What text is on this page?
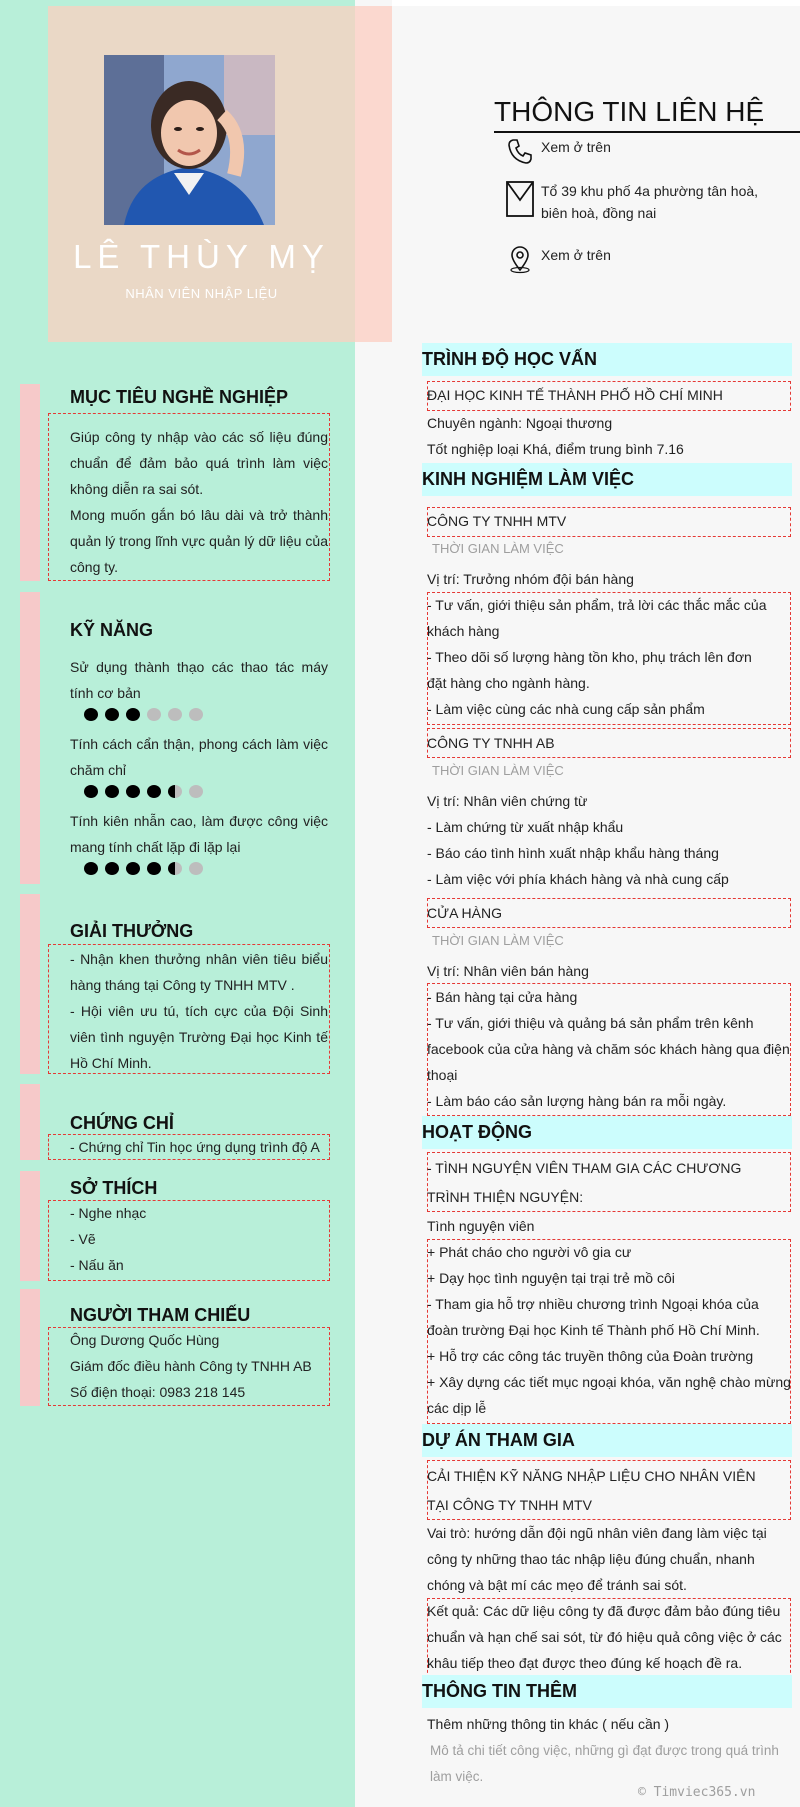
LÊ THÙY MỴ
NHÂN VIÊN NHẬP LIỆU
THÔNG TIN LIÊN HỆ
Xem ở trên
Tổ 39 khu phố 4a phường tân hoà, biên hoà, đồng nai
Xem ở trên
MỤC TIÊU NGHỀ NGHIỆP
Giúp công ty nhập vào các số liệu đúng chuẩn để đảm bảo quá trình làm việc không diễn ra sai sót.
Mong muốn gắn bó lâu dài và trở thành quản lý trong lĩnh vực quản lý dữ liệu của công ty.
KỸ NĂNG
Sử dụng thành thạo các thao tác máy tính cơ bản
Tính cách cẩn thận, phong cách làm việc chăm chỉ
Tính kiên nhẫn cao, làm được công việc mang tính chất lặp đi lặp lại
GIẢI THƯỞNG
- Nhận khen thưởng nhân viên tiêu biểu hàng tháng tại Công ty TNHH MTV .
- Hội viên ưu tú, tích cực của Đội Sinh viên tình nguyện Trường Đại học Kinh tế Hồ Chí Minh.
CHỨNG CHỈ
- Chứng chỉ Tin học ứng dụng trình độ A
SỞ THÍCH
- Nghe nhạc
- Vẽ
- Nấu ăn
NGƯỜI THAM CHIẾU
Ông Dương Quốc Hùng
Giám đốc điều hành Công ty TNHH AB
Số điện thoại: 0983 218 145
TRÌNH ĐỘ HỌC VẤN
ĐẠI HỌC KINH TẾ THÀNH PHỐ HỒ CHÍ MINH
Chuyên ngành: Ngoại thương
Tốt nghiệp loại Khá, điểm trung bình 7.16
KINH NGHIỆM LÀM VIỆC
CÔNG TY TNHH MTV
THỜI GIAN LÀM VIỆC
Vị trí: Trưởng nhóm đội bán hàng
- Tư vấn, giới thiệu sản phẩm, trả lời các thắc mắc của khách hàng
- Theo dõi số lượng hàng tồn kho, phụ trách lên đơn đặt hàng cho ngành hàng.
- Làm việc cùng các nhà cung cấp sản phẩm
CÔNG TY TNHH AB
THỜI GIAN LÀM VIỆC
Vị trí: Nhân viên chứng từ
- Làm chứng từ xuất nhập khẩu
- Báo cáo tình hình xuất nhập khẩu hàng tháng
- Làm việc với phía khách hàng và nhà cung cấp
CỬA HÀNG
THỜI GIAN LÀM VIỆC
Vị trí: Nhân viên bán hàng
- Bán hàng tại cửa hàng
- Tư vấn, giới thiệu và quảng bá sản phẩm trên kênh facebook của cửa hàng và chăm sóc khách hàng qua điện thoại
- Làm báo cáo sản lượng hàng bán ra mỗi ngày.
HOẠT ĐỘNG
- TÌNH NGUYỆN VIÊN THAM GIA CÁC CHƯƠNG TRÌNH THIỆN NGUYỆN:
Tình nguyện viên
+ Phát cháo cho người vô gia cư
+ Dạy học tình nguyện tại trại trẻ mồ côi
- Tham gia hỗ trợ nhiều chương trình Ngoại khóa của đoàn trường Đại học Kinh tế Thành phố Hồ Chí Minh.
+ Hỗ trợ các công tác truyền thông của Đoàn trường
+ Xây dựng các tiết mục ngoại khóa, văn nghệ chào mừng các dịp lễ
DỰ ÁN THAM GIA
CẢI THIỆN KỸ NĂNG NHẬP LIỆU CHO NHÂN VIÊN TẠI CÔNG TY TNHH MTV
Vai trò: hướng dẫn đội ngũ nhân viên đang làm việc tại công ty những thao tác nhập liệu đúng chuẩn, nhanh chóng và bật mí các mẹo để tránh sai sót.
Kết quả: Các dữ liệu công ty đã được đảm bảo đúng tiêu chuẩn và hạn chế sai sót, từ đó hiệu quả công việc ở các khâu tiếp theo đạt được theo đúng kế hoạch đề ra.
THÔNG TIN THÊM
Thêm những thông tin khác ( nếu cần )
Mô tả chi tiết công việc, những gì đạt được trong quá trình làm việc.
© Timviec365.vn
